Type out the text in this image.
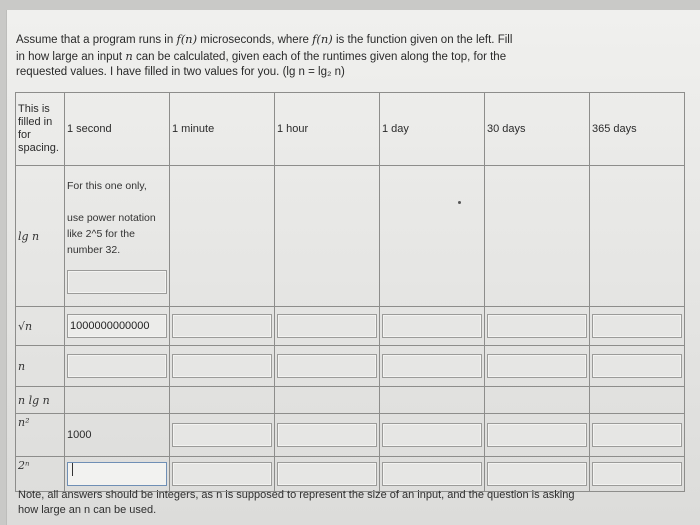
Assume that a program runs in f(n) microseconds, where f(n) is the function given on the left. Fill
in how large an input n can be calculated, given each of the runtimes given along the top, for the
requested values. I have filled in two values for you. (lg n = lg₂ n)
This is filled in for spacing.	1 second	1 minute	1 hour	1 day	30 days	365 days
lg n	For this one only,

use power notation like 2^5 for the number 32.					

√n	1000000000000					

n	

n lg n						
n²	1000	

2ⁿ	

Note, all answers should be integers, as n is supposed to represent the size of an input, and the question is asking how large an n can be used.
